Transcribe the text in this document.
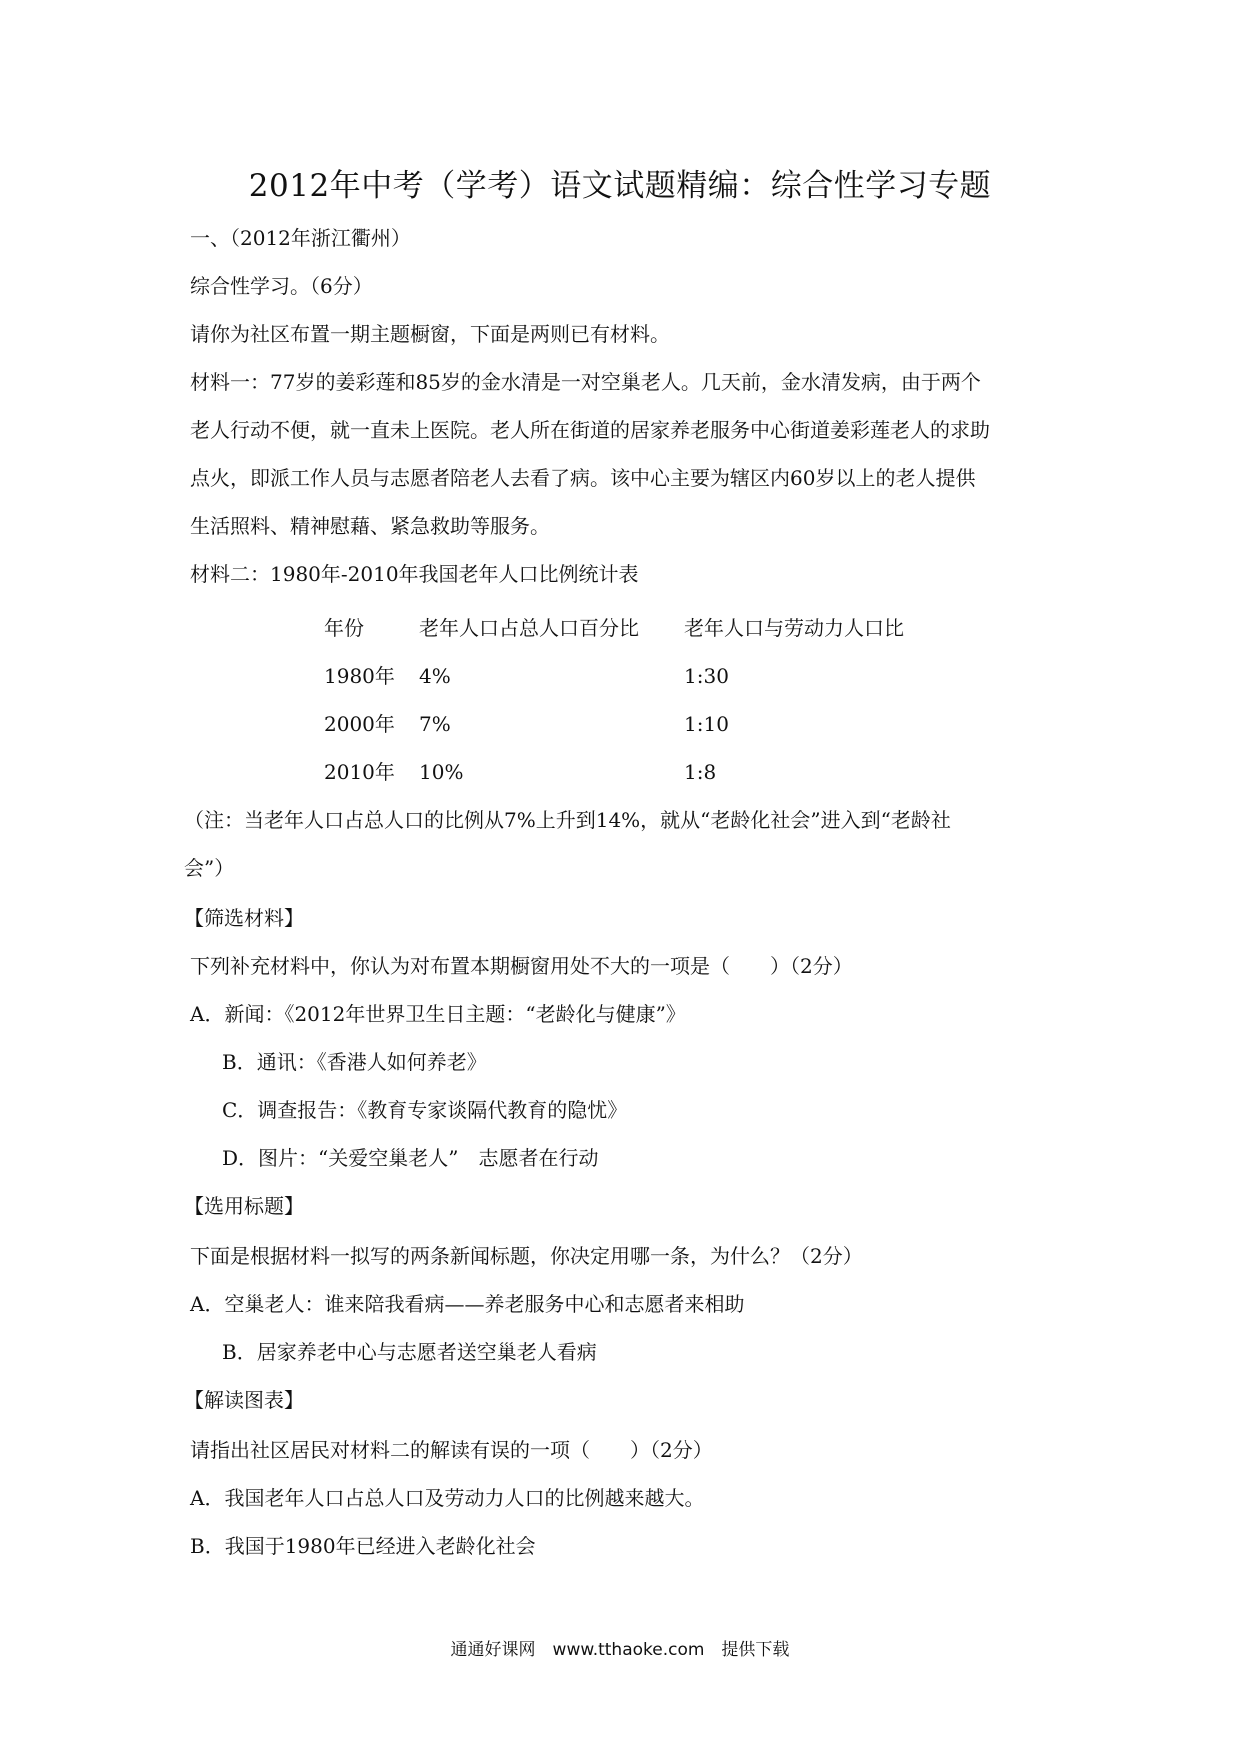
2012年中考（学考）语文试题精编：综合性学习专题
一、（2012年浙江衢州）
综合性学习。（6分）
请你为社区布置一期主题橱窗，下面是两则已有材料。
材料一：77岁的姜彩莲和85岁的金水清是一对空巢老人。几天前，金水清发病，由于两个
老人行动不便，就一直未上医院。老人所在街道的居家养老服务中心街道姜彩莲老人的求助
点火，即派工作人员与志愿者陪老人去看了病。该中心主要为辖区内60岁以上的老人提供
生活照料、精神慰藉、紧急救助等服务。
材料二：1980年-2010年我国老年人口比例统计表
年份	老年人口占总人口百分比 老年人口与劳动力人口比
1980年 4%	1:30
2000年 7%	1:10
2010年 10%	1:8
（注：当老年人口占总人口的比例从7%上升到14%，就从“老龄化社会”进入到“老龄社
会”）
【筛选材料】
下列补充材料中，你认为对布置本期橱窗用处不大的一项是（　　）（2分）
A．新闻：《2012年世界卫生日主题：“老龄化与健康”》
B．通讯：《香港人如何养老》
C．调查报告：《教育专家谈隔代教育的隐忧》
D．图片：“关爱空巢老人”　志愿者在行动
【选用标题】
下面是根据材料一拟写的两条新闻标题，你决定用哪一条，为什么？（2分）
A．空巢老人：谁来陪我看病——养老服务中心和志愿者来相助
B．居家养老中心与志愿者送空巢老人看病
【解读图表】
请指出社区居民对材料二的解读有误的一项（　　）（2分）
A．我国老年人口占总人口及劳动力人口的比例越来越大。
B．我国于1980年已经进入老龄化社会
通通好课网　www.tthaoke.com　提供下载
